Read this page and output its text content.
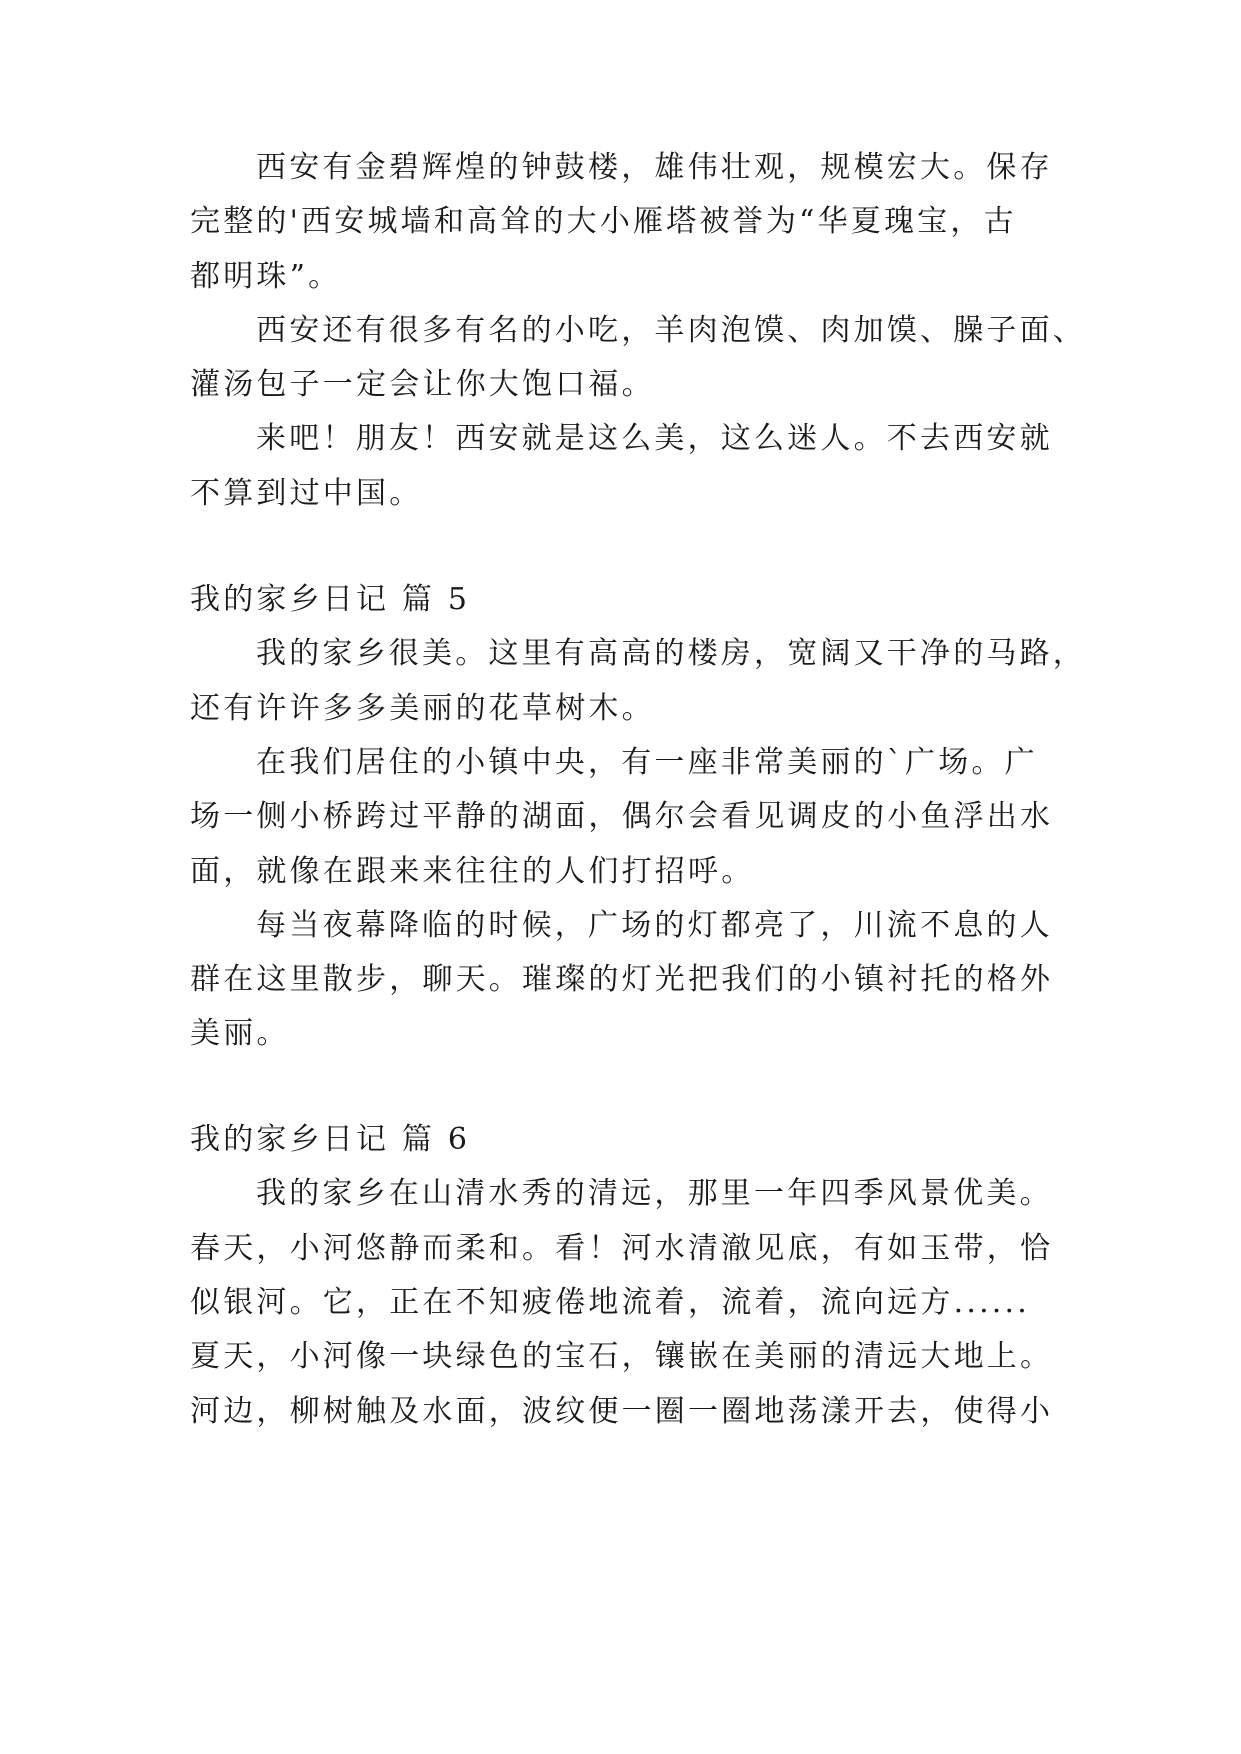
西安有金碧辉煌的钟鼓楼，雄伟壮观，规模宏大。保存
完整的'西安城墙和高耸的大小雁塔被誉为“华夏瑰宝，古
都明珠”。
西安还有很多有名的小吃，羊肉泡馍、肉加馍、臊子面、
灌汤包子一定会让你大饱口福。
来吧！朋友！西安就是这么美，这么迷人。不去西安就
不算到过中国。
我的家乡日记 篇 5
我的家乡很美。这里有高高的楼房，宽阔又干净的马路，
还有许许多多美丽的花草树木。
在我们居住的小镇中央，有一座非常美丽的`广场。广
场一侧小桥跨过平静的湖面，偶尔会看见调皮的小鱼浮出水
面，就像在跟来来往往的人们打招呼。
每当夜幕降临的时候，广场的灯都亮了，川流不息的人
群在这里散步，聊天。璀璨的灯光把我们的小镇衬托的格外
美丽。
我的家乡日记 篇 6
我的家乡在山清水秀的清远，那里一年四季风景优美。
春天，小河悠静而柔和。看！河水清澈见底，有如玉带，恰
似银河。它，正在不知疲倦地流着，流着，流向远方......
夏天，小河像一块绿色的宝石，镶嵌在美丽的清远大地上。
河边，柳树触及水面，波纹便一圈一圈地荡漾开去，使得小
